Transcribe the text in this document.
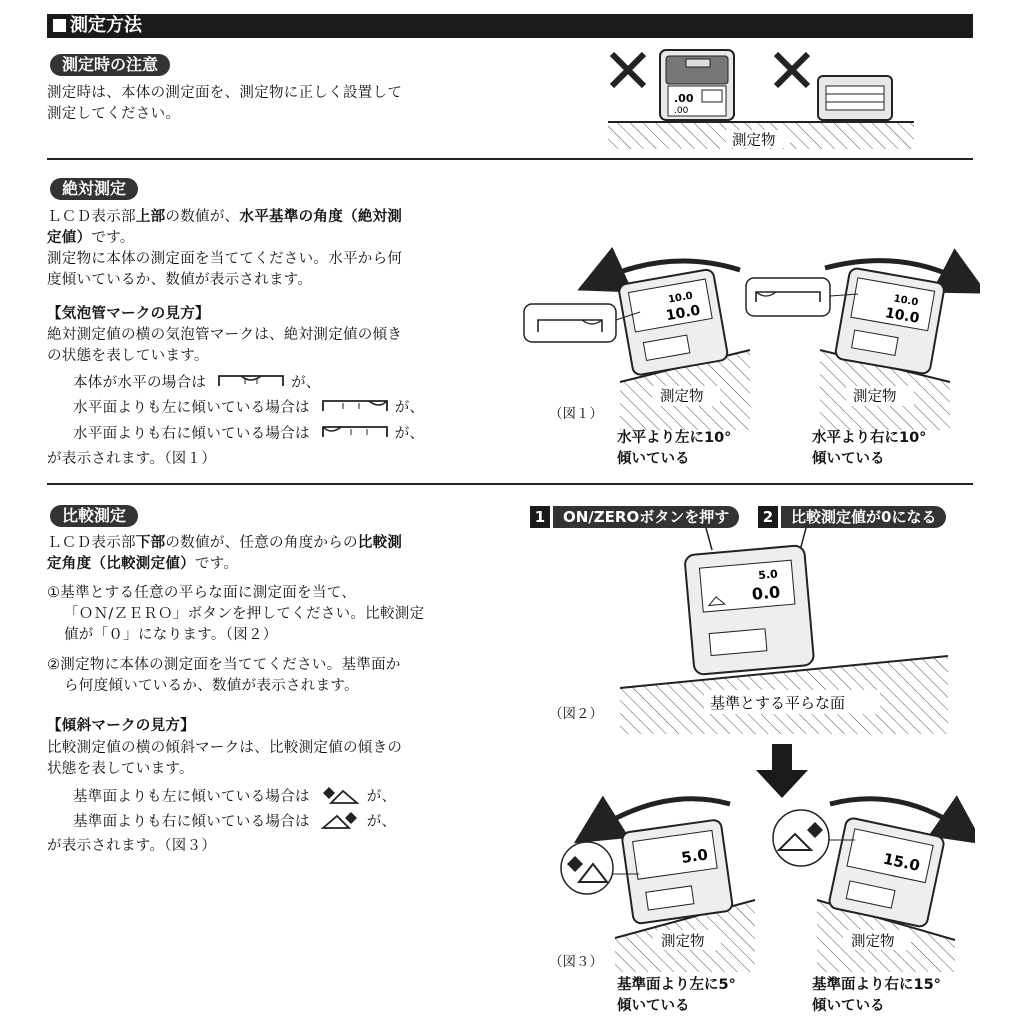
測定方法
測定時の注意
測定時は、本体の測定面を、測定物に正しく設置して
測定してください。
.00
.00
測定物
絶対測定
ＬＣＤ表示部上部の数値が、水平基準の角度（絶対測
定値）です。
測定物に本体の測定面を当ててください。水平から何
度傾いているか、数値が表示されます。
【気泡管マークの見方】
絶対測定値の横の気泡管マークは、絶対測定値の傾き
の状態を表しています。
本体が水平の場合は	が、
水平面よりも左に傾いている場合は	が、
水平面よりも右に傾いている場合は	が、
が表示されます。（図１）
測定物
10.0
10.0
測定物
10.0
10.0
（図１）
水平より左に10°
傾いている
水平より右に10°
傾いている
比較測定
ＬＣＤ表示部下部の数値が、任意の角度からの比較測
定角度（比較測定値）です。
①基準とする任意の平らな面に測定面を当て、
「ＯＮ/ＺＥＲＯ」ボタンを押してください。比較測定
値が「０」になります。（図２）
②測定物に本体の測定面を当ててください。基準面か
ら何度傾いているか、数値が表示されます。
【傾斜マークの見方】
比較測定値の横の傾斜マークは、比較測定値の傾きの
状態を表しています。
基準面よりも左に傾いている場合は	が、
基準面よりも右に傾いている場合は	が、
が表示されます。（図３）
1	ON/ZEROボタンを押す	2	比較測定値が0になる
基準とする平らな面
5.0
0.0
（図２）
測定物
5.0
測定物
15.0
（図３）
基準面より左に5°
傾いている
基準面より右に15°
傾いている
